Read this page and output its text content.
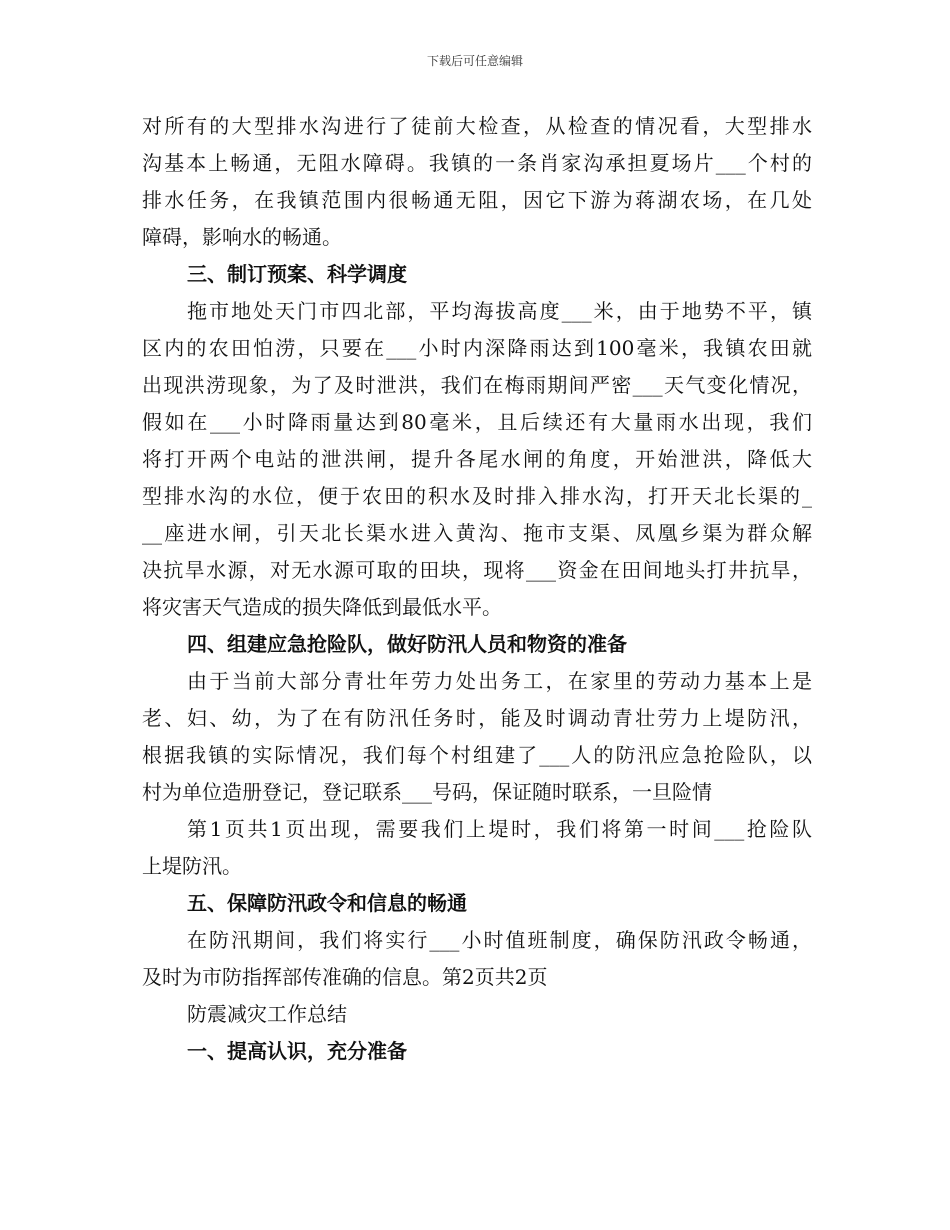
下载后可任意编辑
对所有的大型排水沟进行了徒前大检查，从检查的情况看，大型排水
沟基本上畅通，无阻水障碍。我镇的一条肖家沟承担夏场片___个村的
排水任务，在我镇范围内很畅通无阻，因它下游为蒋湖农场，在几处
障碍，影响水的畅通。
三、制订预案、科学调度
拖市地处天门市四北部，平均海拔高度___米，由于地势不平，镇
区内的农田怕涝，只要在___小时内深降雨达到100毫米，我镇农田就
出现洪涝现象，为了及时泄洪，我们在梅雨期间严密___天气变化情况，
假如在___小时降雨量达到80毫米，且后续还有大量雨水出现，我们
将打开两个电站的泄洪闸，提升各尾水闸的角度，开始泄洪，降低大
型排水沟的水位，便于农田的积水及时排入排水沟，打开天北长渠的_
__座进水闸，引天北长渠水进入黄沟、拖市支渠、凤凰乡渠为群众解
决抗旱水源，对无水源可取的田块，现将___资金在田间地头打井抗旱，
将灾害天气造成的损失降低到最低水平。
四、组建应急抢险队，做好防汛人员和物资的准备
由于当前大部分青壮年劳力处出务工，在家里的劳动力基本上是
老、妇、幼，为了在有防汛任务时，能及时调动青壮劳力上堤防汛，
根据我镇的实际情况，我们每个村组建了___人的防汛应急抢险队，以
村为单位造册登记，登记联系___号码，保证随时联系，一旦险情
第1页共1页出现，需要我们上堤时，我们将第一时间___抢险队
上堤防汛。
五、保障防汛政令和信息的畅通
在防汛期间，我们将实行___小时值班制度，确保防汛政令畅通，
及时为市防指挥部传准确的信息。第2页共2页
防震减灾工作总结
一、提高认识，充分准备
